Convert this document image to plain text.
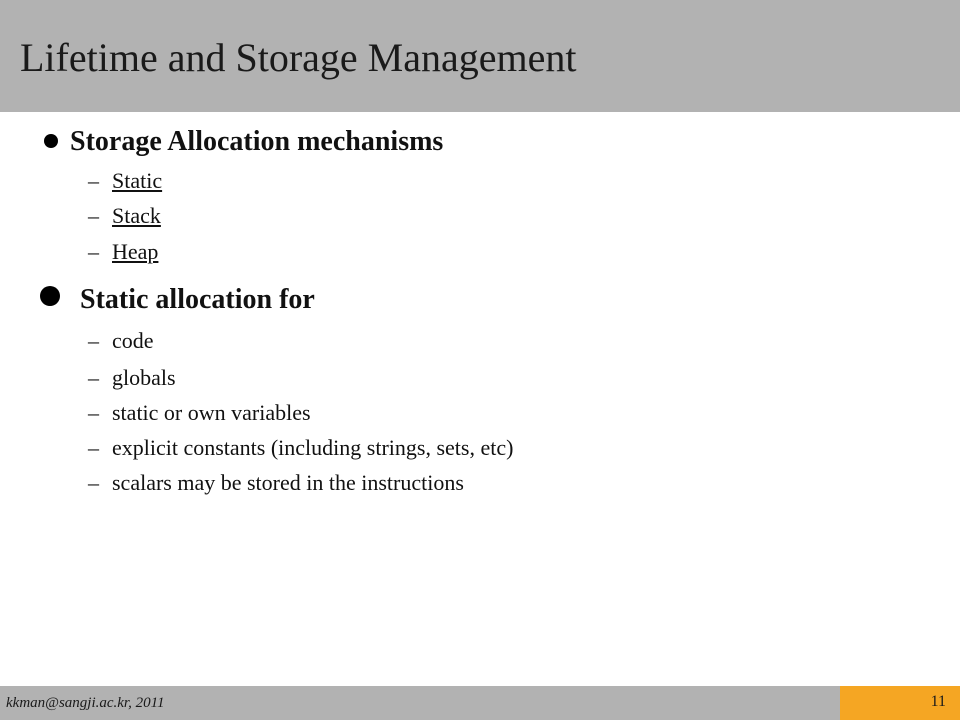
Lifetime and Storage Management
Storage Allocation mechanisms
– Static
– Stack
– Heap
Static allocation for
– code
– globals
– static or own variables
– explicit constants (including strings, sets, etc)
– scalars may be stored in the instructions
kkman@sangji.ac.kr, 2011	11
